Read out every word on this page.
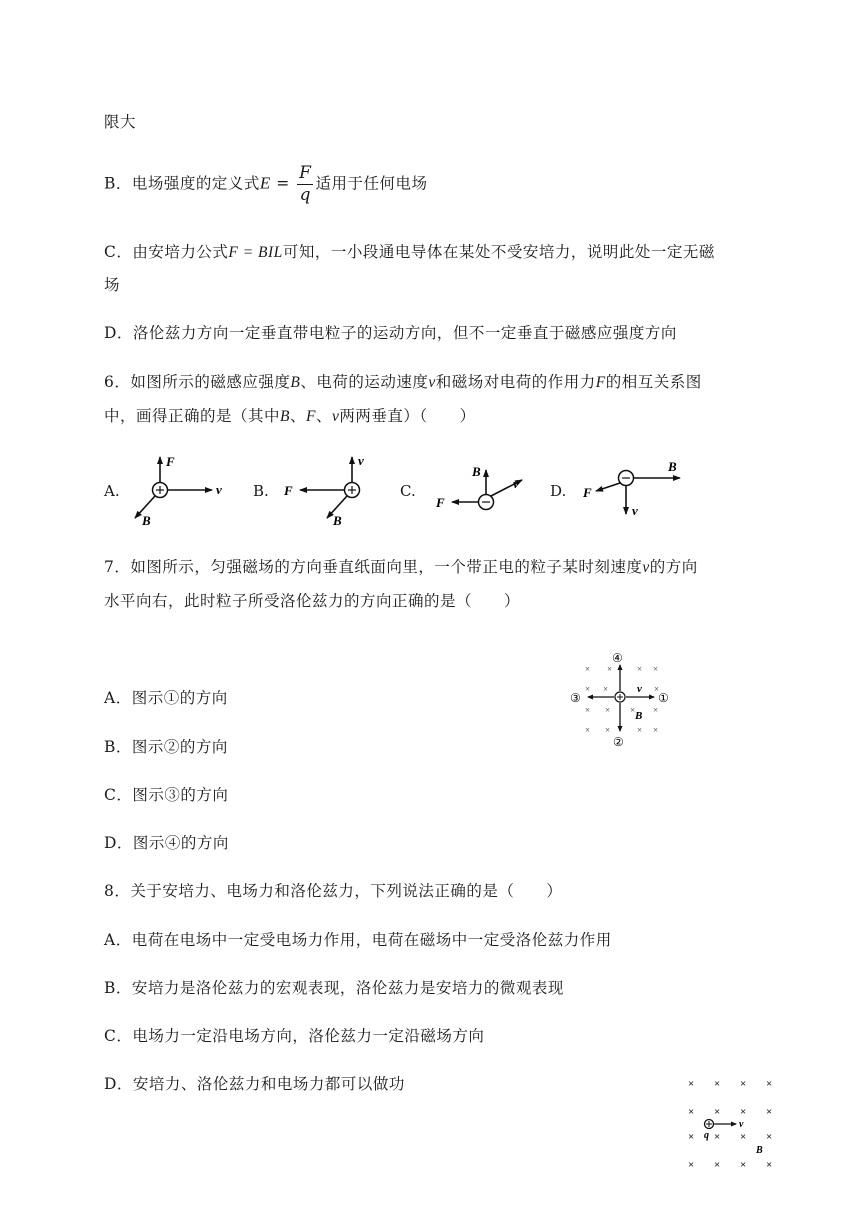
限大
B．电场强度的定义式$E = \frac{F}{q}$ 适用于任何电场
C．由安培力公式F = BIL可知，一小段通电导体在某处不受安培力，说明此处一定无磁
场
D．洛伦兹力方向一定垂直带电粒子的运动方向，但不一定垂直于磁感应强度方向
6．如图所示的磁感应强度B、电荷的运动速度v和磁场对电荷的作用力F的相互关系图
中，画得正确的是（其中B、F、v两两垂直）（　　）
A.	B.	C.	D.
F
v
B
v
F
B
B
F
v
B
v
F
7．如图所示，匀强磁场的方向垂直纸面向里，一个带正电的粒子某时刻速度v的方向
水平向右，此时粒子所受洛伦兹力的方向正确的是（　　）
A．图示①的方向
B．图示②的方向
C．图示③的方向
D．图示④的方向
× ×	× ×
× ×	×
× × × ×
× ×	× ×
④
②
③	①
v
B
8．关于安培力、电场力和洛伦兹力，下列说法正确的是（　　）
A．电荷在电场中一定受电场力作用，电荷在磁场中一定受洛伦兹力作用
B．安培力是洛伦兹力的宏观表现，洛伦兹力是安培力的微观表现
C．电场力一定沿电场方向，洛伦兹力一定沿磁场方向
D．安培力、洛伦兹力和电场力都可以做功	× × × ×
× × × ×
× × × ×
× × × ×
q
v
B
